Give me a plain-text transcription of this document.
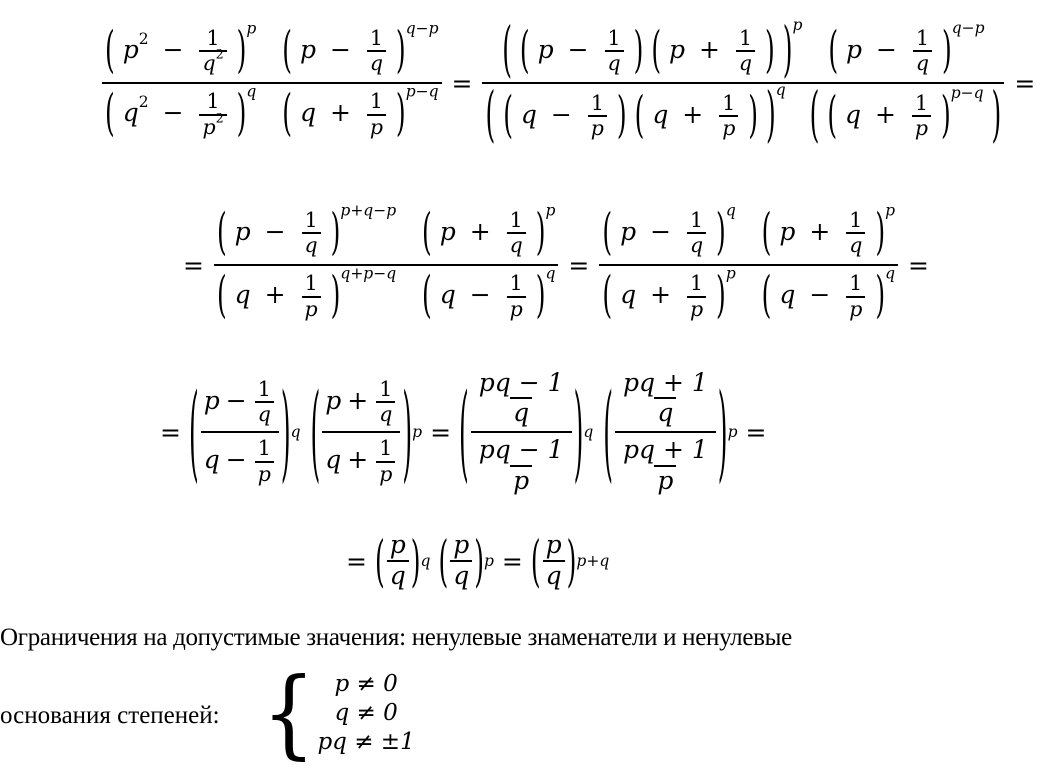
( $p^2 - \frac{1}{q^2} )^p$ ( $p - \frac{1}{q} )^{q-p}$
( $q^2 - \frac{1}{p^2} )^q$ ( $q + \frac{1}{p} )^{p-q}$ = ( ( $p - \frac{1}{q}$ ) ( $p + \frac{1}{q}$ ) )$^p$ ( $p - \frac{1}{q} )^{q-p}$
( ( $q - \frac{1}{p}$ ) ( $q + \frac{1}{p}$ ) )$^q$ ( ( $q + \frac{1}{p} )^{p-q}$ ) =
=
( $p - \frac{1}{q} )^{p+q-p}$ ( $p + \frac{1}{q} )^p$
( $q + \frac{1}{p} )^{q+p-q}$ ( $q - \frac{1}{p} )^q$ =
( $p - \frac{1}{q} )^q$ ( $p + \frac{1}{q} )^p$
( $q + \frac{1}{p} )^p$ ( $q - \frac{1}{p} )^q$ =
= ( $\frac{p - \frac{1}{q}}{q - \frac{1}{p}}$ ) q ( $\frac{p + \frac{1}{q}}{q + \frac{1}{p}}$ ) p = ( $\frac{\frac{pq - 1}{q}}{\frac{pq - 1}{p}}$ ) q ( $\frac{\frac{pq + 1}{q}}{\frac{pq + 1}{p}}$ ) p =
= ( $\frac{p}{q}$ ) q ( $\frac{p}{q}$ ) p = ( $\frac{p}{q}$ ) p+q
Ограничения на допустимые значения: ненулевые знаменатели и ненулевые
основания степеней: { p ≠ 0
q ≠ 0
pq ≠ ±1
